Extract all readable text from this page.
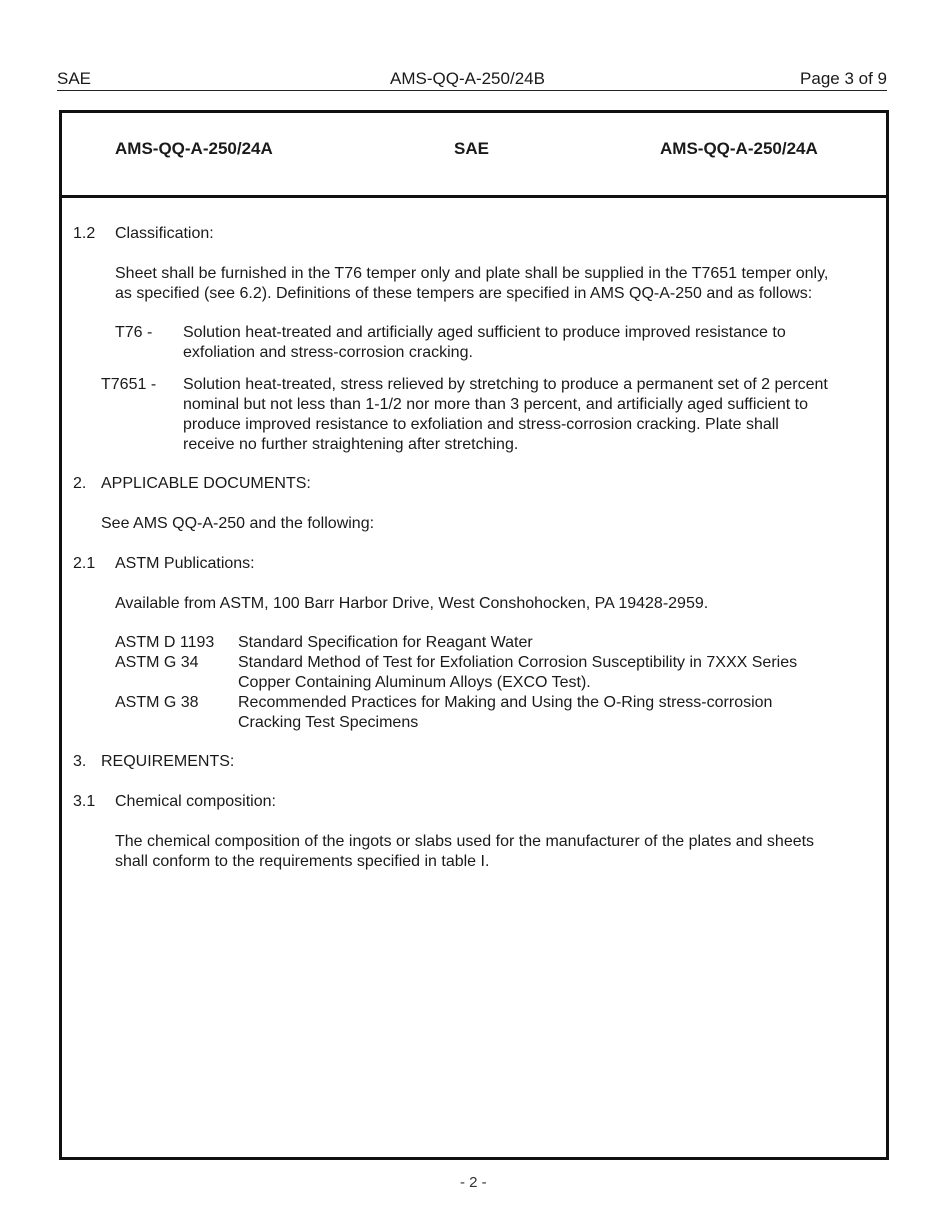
SAE	AMS-QQ-A-250/24B	Page 3 of 9
AMS-QQ-A-250/24A	SAE	AMS-QQ-A-250/24A
1.2 Classification:
Sheet shall be furnished in the T76 temper only and plate shall be supplied in the T7651 temper only,
as specified (see 6.2). Definitions of these tempers are specified in AMS QQ-A-250 and as follows:
T76 - Solution heat-treated and artificially aged sufficient to produce improved resistance to
exfoliation and stress-corrosion cracking.
T7651 - Solution heat-treated, stress relieved by stretching to produce a permanent set of 2 percent
nominal but not less than 1-1/2 nor more than 3 percent, and artificially aged sufficient to
produce improved resistance to exfoliation and stress-corrosion cracking. Plate shall
receive no further straightening after stretching.
2. APPLICABLE DOCUMENTS:
See AMS QQ-A-250 and the following:
2.1 ASTM Publications:
Available from ASTM, 100 Barr Harbor Drive, West Conshohocken, PA 19428-2959.
ASTM D 1193 Standard Specification for Reagant Water
ASTM G 34 Standard Method of Test for Exfoliation Corrosion Susceptibility in 7XXX Series
Copper Containing Aluminum Alloys (EXCO Test).
ASTM G 38 Recommended Practices for Making and Using the O-Ring stress-corrosion
Cracking Test Specimens
3. REQUIREMENTS:
3.1 Chemical composition:
The chemical composition of the ingots or slabs used for the manufacturer of the plates and sheets
shall conform to the requirements specified in table I.
- 2 -
